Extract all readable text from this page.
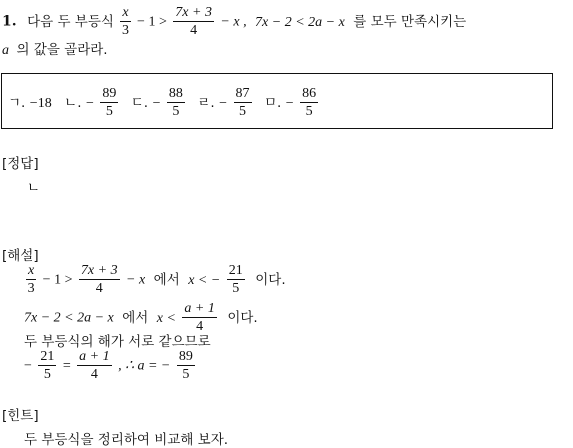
1. 다음 두 부등식 $\frac{x}{3} - 1 > \frac{7x + 3}{4} - x$ , 7x − 2 < 2a − x 를 모두 만족시키는
a 의 값을 골라라.
ㄱ. −18 ㄴ. − $\frac{89}{5}$ ㄷ. − $\frac{88}{5}$ ㄹ. − $\frac{87}{5}$ ㅁ. − $\frac{86}{5}$
[정답]
ㄴ
[해설]
$\frac{x}{3} - 1 > \frac{7x + 3}{4} - x$ 에서 x < − $\frac{21}{5}$ 이다.
7x − 2 < 2a − x 에서 $x < \frac{a + 1}{4}$ 이다.
두 부등식의 해가 서로 같으므로
− $\frac{21}{5} = \frac{a + 1}{4}$ , ∴ a = − $\frac{89}{5}$
[힌트]
두 부등식을 정리하여 비교해 보자.
